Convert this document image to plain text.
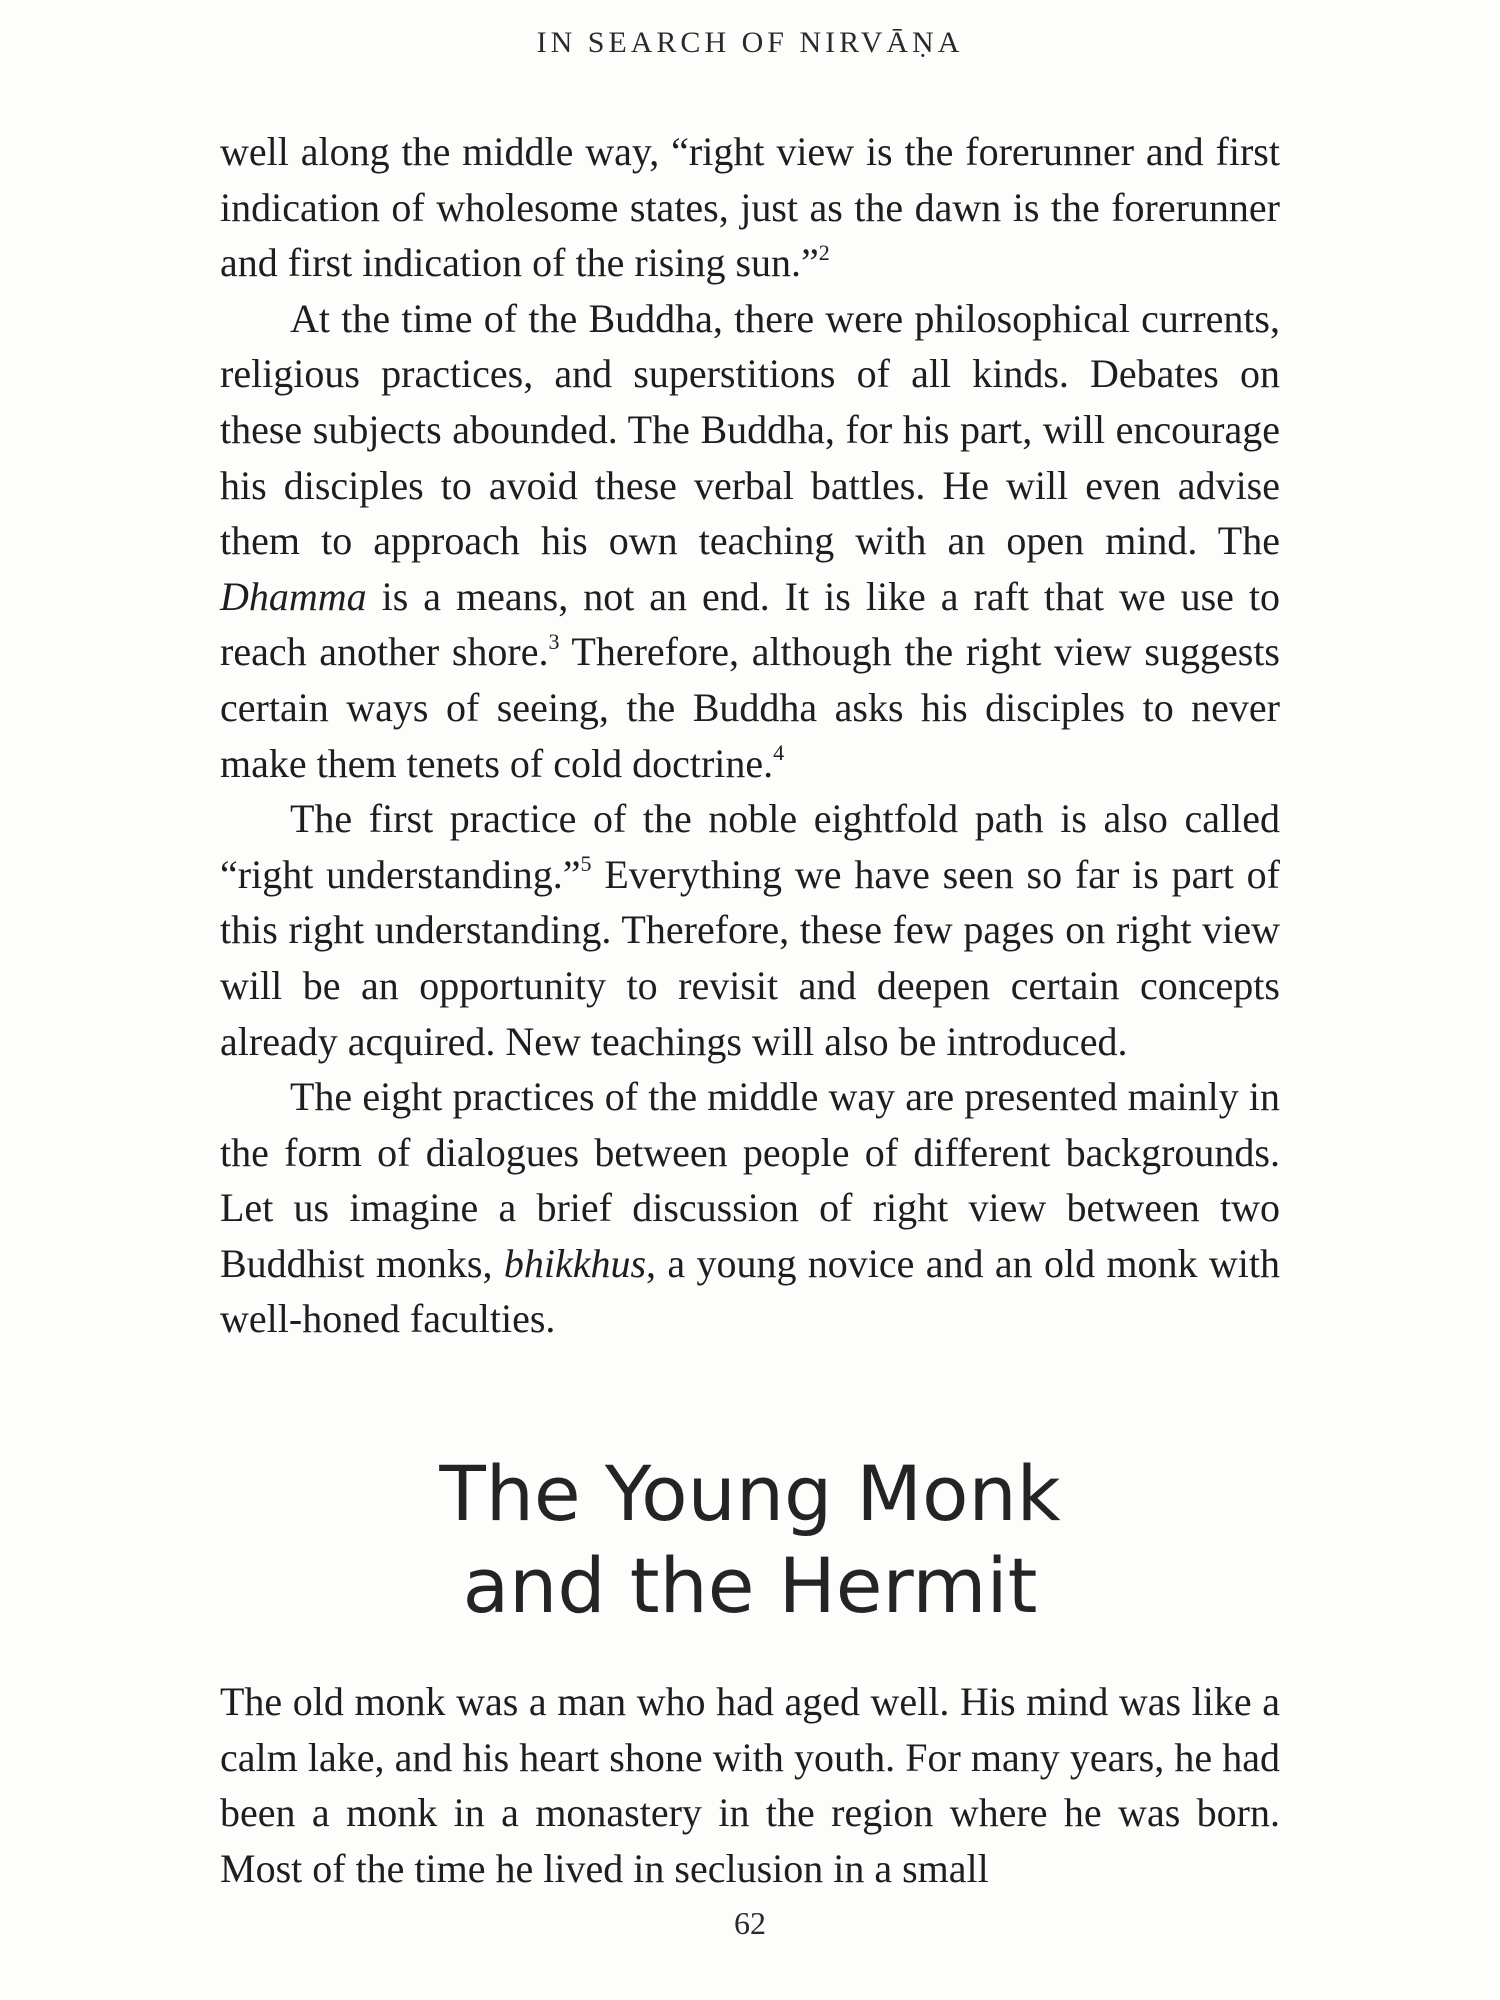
IN SEARCH OF NIRVĀṆA

well along the middle way, “right view is the forerunner and first indication of wholesome states, just as the dawn is the forerunner and first indication of the rising sun.”$^2$

At the time of the Buddha, there were philosophical currents, religious practices, and superstitions of all kinds. Debates on these subjects abounded. The Buddha, for his part, will encourage his disciples to avoid these verbal battles. He will even advise them to approach his own teaching with an open mind. The Dhamma is a means, not an end. It is like a raft that we use to reach another shore.$^3$ Therefore, although the right view suggests certain ways of seeing, the Buddha asks his disciples to never make them tenets of cold doctrine.$^4$

The first practice of the noble eightfold path is also called “right understanding.”$^5$ Everything we have seen so far is part of this right understanding. Therefore, these few pages on right view will be an opportunity to revisit and deepen certain concepts already acquired. New teachings will also be introduced.

The eight practices of the middle way are presented mainly in the form of dialogues between people of different backgrounds. Let us imagine a brief discussion of right view between two Buddhist monks, bhikkhus, a young novice and an old monk with well-honed faculties.

The Young Monk
and the Hermit

The old monk was a man who had aged well. His mind was like a calm lake, and his heart shone with youth. For many years, he had been a monk in a monastery in the region where he was born. Most of the time he lived in seclusion in a small

62
